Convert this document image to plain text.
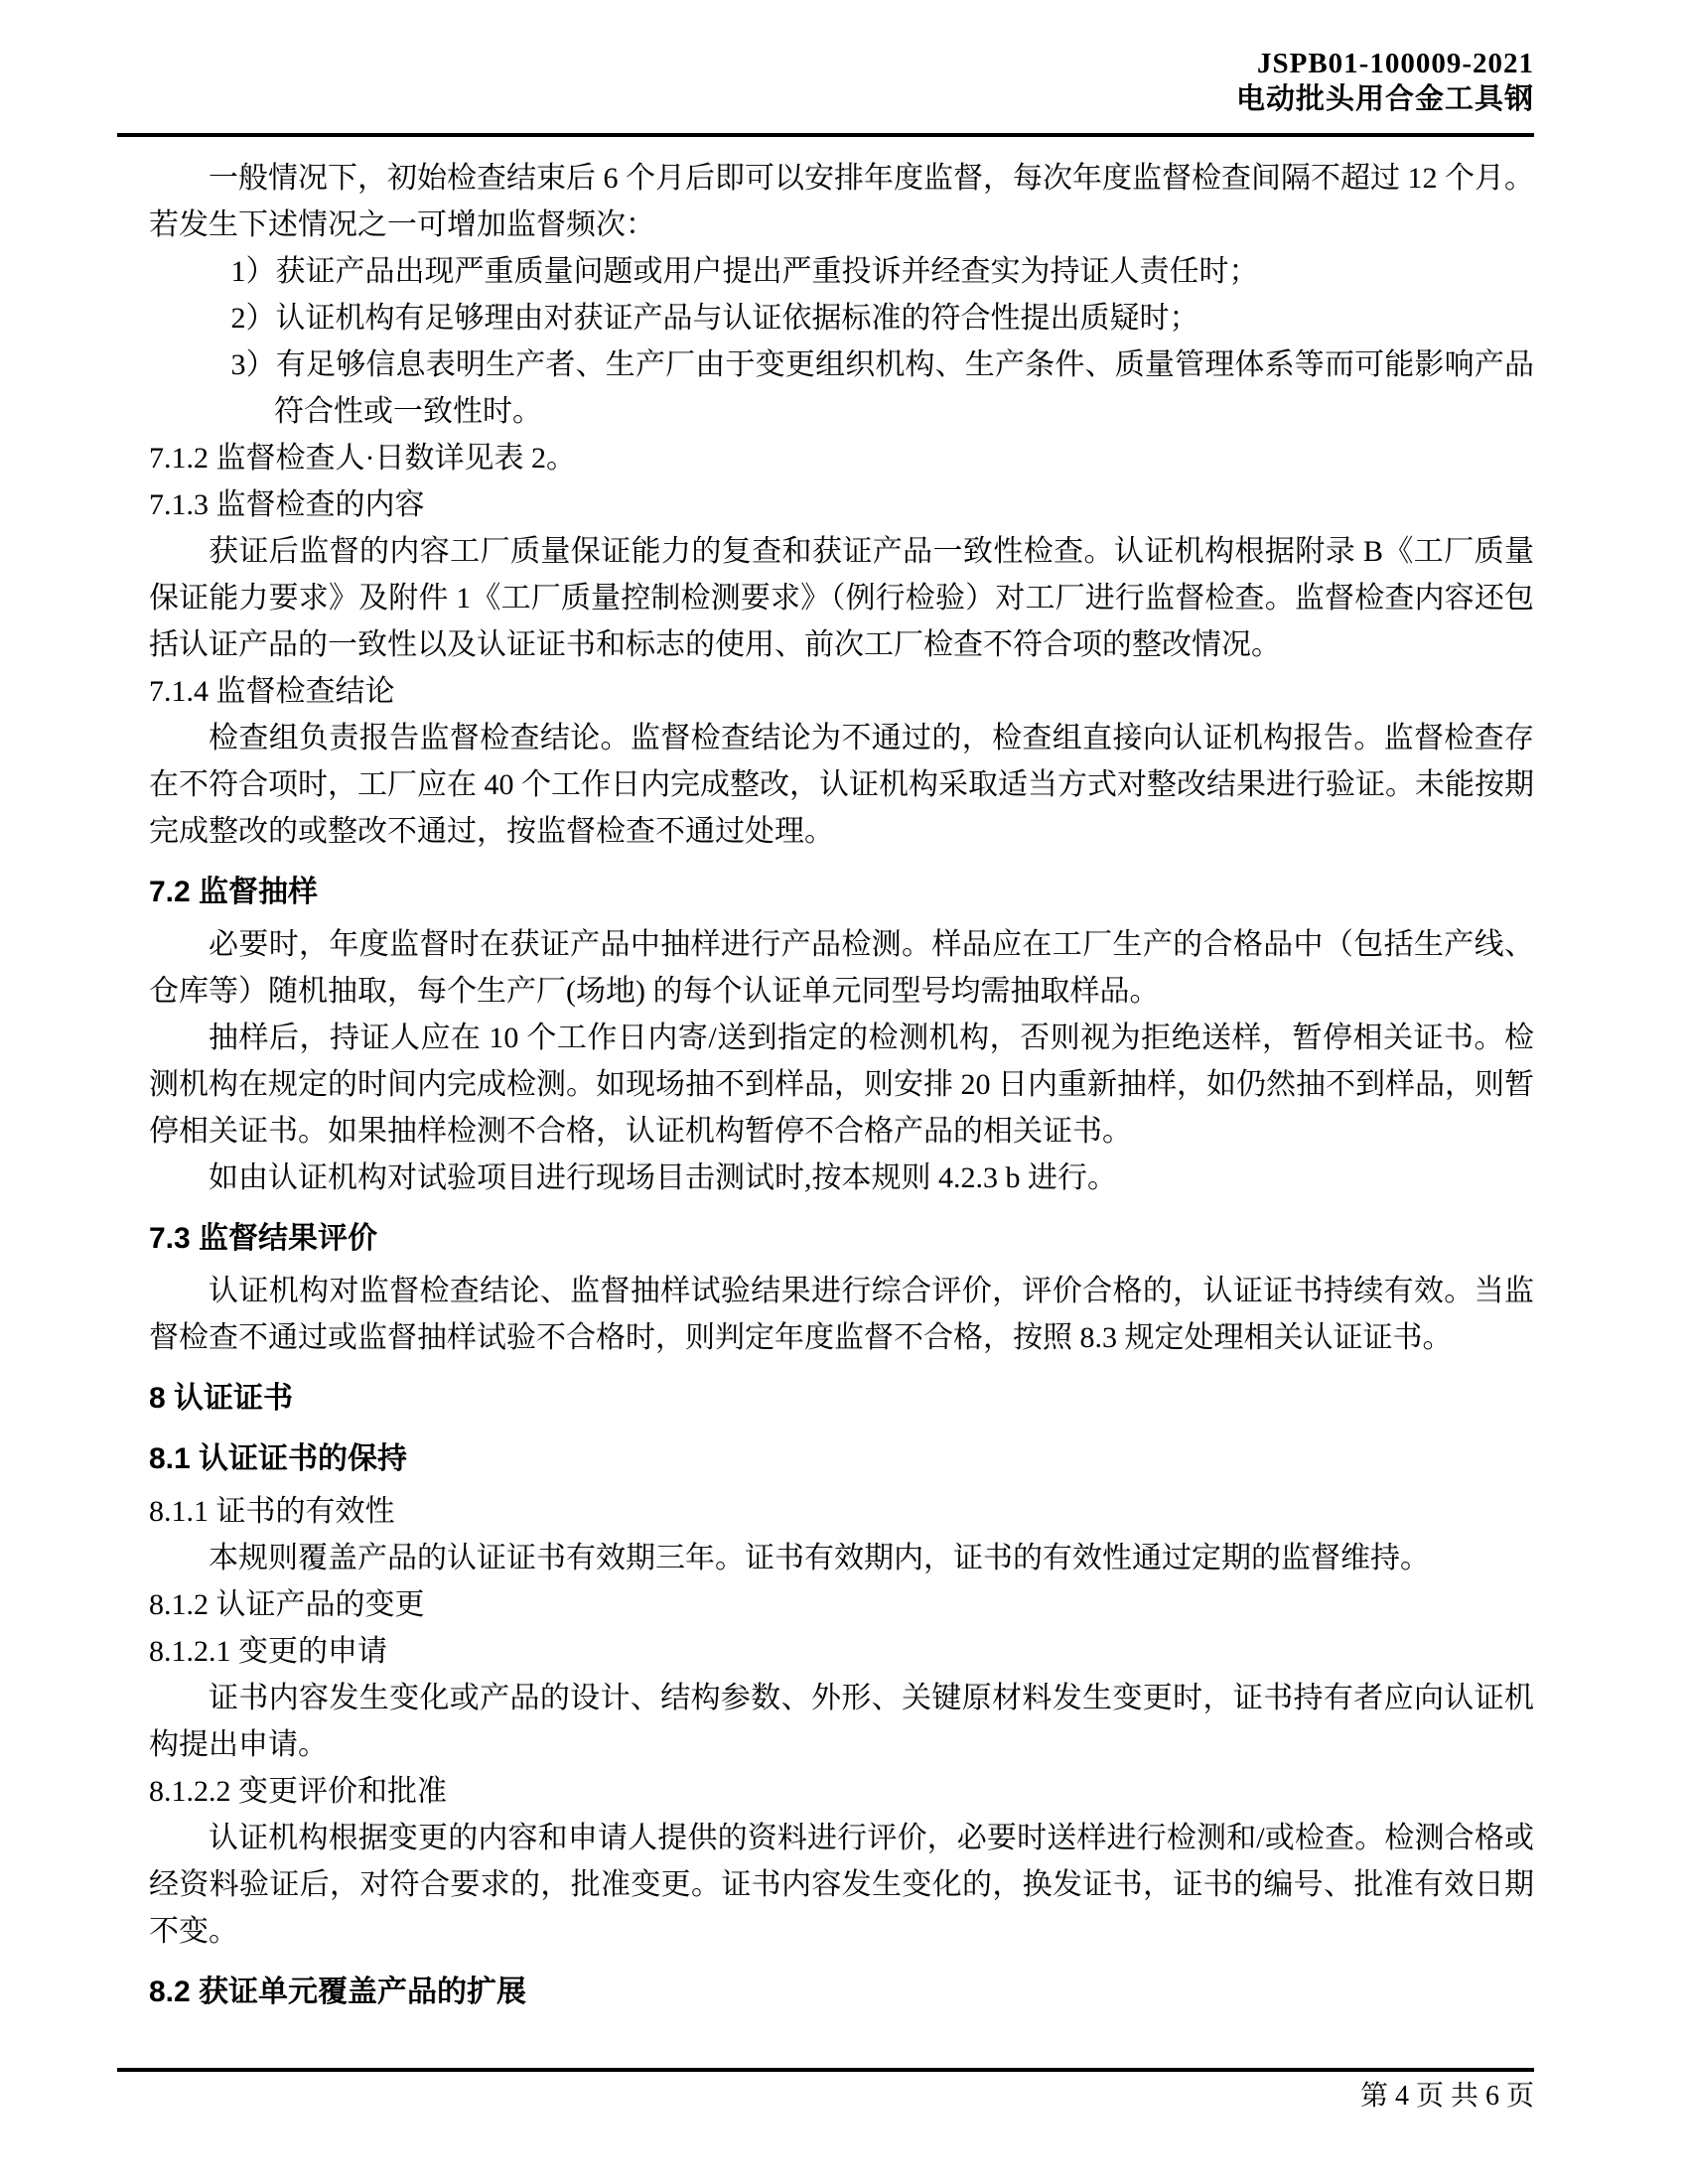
JSPB01-100009-2021
电动批头用合金工具钢

一般情况下，初始检查结束后 6 个月后即可以安排年度监督，每次年度监督检查间隔不超过 12 个月。若发生下述情况之一可增加监督频次：

1）获证产品出现严重质量问题或用户提出严重投诉并经查实为持证人责任时；

2）认证机构有足够理由对获证产品与认证依据标准的符合性提出质疑时；

3）有足够信息表明生产者、生产厂由于变更组织机构、生产条件、质量管理体系等而可能影响产品符合性或一致性时。

7.1.2 监督检查人·日数详见表 2。

7.1.3 监督检查的内容

获证后监督的内容工厂质量保证能力的复查和获证产品一致性检查。认证机构根据附录 B《工厂质量保证能力要求》及附件 1《工厂质量控制检测要求》（例行检验）对工厂进行监督检查。监督检查内容还包括认证产品的一致性以及认证证书和标志的使用、前次工厂检查不符合项的整改情况。

7.1.4 监督检查结论

检查组负责报告监督检查结论。监督检查结论为不通过的，检查组直接向认证机构报告。监督检查存在不符合项时，工厂应在 40 个工作日内完成整改，认证机构采取适当方式对整改结果进行验证。未能按期完成整改的或整改不通过，按监督检查不通过处理。

7.2 监督抽样

必要时，年度监督时在获证产品中抽样进行产品检测。样品应在工厂生产的合格品中（包括生产线、仓库等）随机抽取，每个生产厂(场地) 的每个认证单元同型号均需抽取样品。

抽样后，持证人应在 10 个工作日内寄/送到指定的检测机构，否则视为拒绝送样，暂停相关证书。检测机构在规定的时间内完成检测。如现场抽不到样品，则安排 20 日内重新抽样，如仍然抽不到样品，则暂停相关证书。如果抽样检测不合格，认证机构暂停不合格产品的相关证书。

如由认证机构对试验项目进行现场目击测试时,按本规则 4.2.3 b 进行。

7.3 监督结果评价

认证机构对监督检查结论、监督抽样试验结果进行综合评价，评价合格的，认证证书持续有效。当监督检查不通过或监督抽样试验不合格时，则判定年度监督不合格，按照 8.3 规定处理相关认证证书。

8 认证证书

8.1 认证证书的保持

8.1.1 证书的有效性

本规则覆盖产品的认证证书有效期三年。证书有效期内，证书的有效性通过定期的监督维持。

8.1.2 认证产品的变更

8.1.2.1 变更的申请

证书内容发生变化或产品的设计、结构参数、外形、关键原材料发生变更时，证书持有者应向认证机构提出申请。

8.1.2.2 变更评价和批准

认证机构根据变更的内容和申请人提供的资料进行评价，必要时送样进行检测和/或检查。检测合格或经资料验证后，对符合要求的，批准变更。证书内容发生变化的，换发证书，证书的编号、批准有效日期不变。

8.2 获证单元覆盖产品的扩展

第 4 页 共 6 页
